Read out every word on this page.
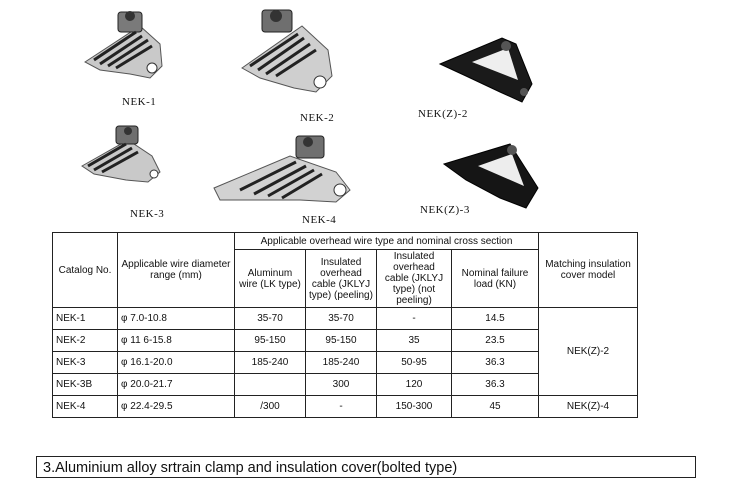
NEK-1
NEK-2	NEK(Z)-2
NEK-3	NEK-4
NEK(Z)-3
Catalog No.	Applicable wire diameter range (mm)	Applicable overhead wire type and nominal cross section				Matching insulation cover model
		Aluminum wire (LK type)	Insulated overhead cable (JKLYJ type) (peeling)	Insulated overhead cable (JKLYJ type) (not peeling)	Nominal failure load (KN)	
NEK-1	φ 7.0-10.8	35-70	35-70	-	14.5	NEK(Z)-2
NEK-2	φ 11 6-15.8	95-150	95-150	35	23.5	
NEK-3	φ 16.1-20.0	185-240	185-240	50-95	36.3	
NEK-3B	φ 20.0-21.7		300	120	36.3	
NEK-4	φ 22.4-29.5	/300	-	150-300	45	NEK(Z)-4
3.Aluminium alloy srtrain clamp and insulation cover(bolted type)
